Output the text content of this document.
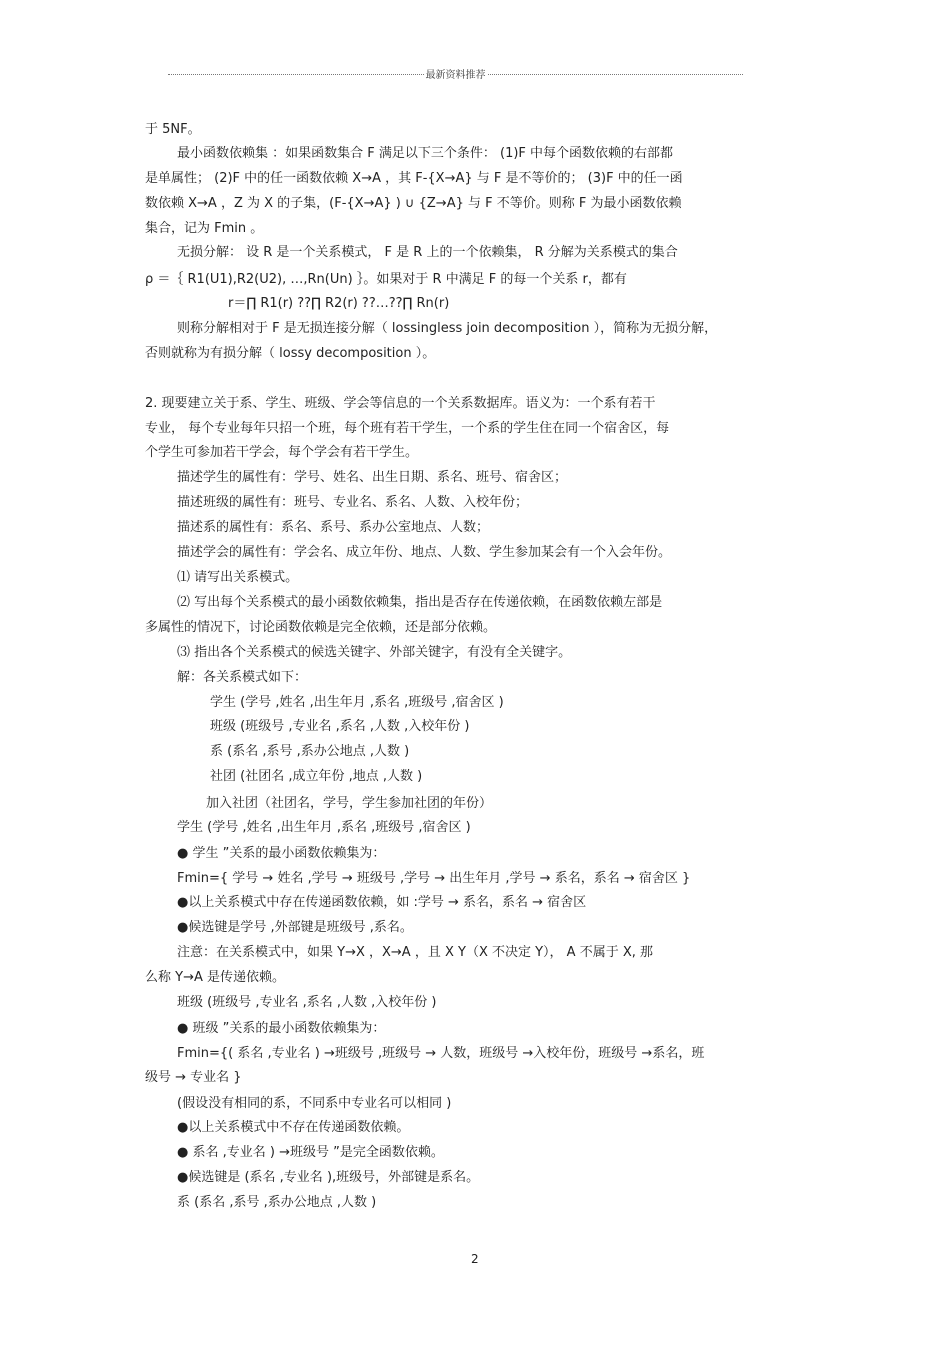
最新资料推荐
于 5NF。
最小函数依赖集 ：如果函数集合 F 满足以下三个条件： (1)F 中每个函数依赖的右部都
是单属性； (2)F 中的任一函数依赖 X→A ，其 F-{X→A} 与 F 是不等价的； (3)F 中的任一函
数依赖 X→A ，Z 为 X 的子集，(F-{X→A} ) ∪ {Z→A} 与 F 不等价。则称 F 为最小函数依赖
集合，记为 Fmin 。
无损分解： 设 R 是一个关系模式， F 是 R 上的一个依赖集， R 分解为关系模式的集合
ρ ＝｛ R1(U1),R2(U2), …,Rn(Un) ｝。如果对于 R 中满足 F 的每一个关系 r，都有
r＝∏ R1(r) ??∏ R2(r) ??…??∏ Rn(r)
则称分解相对于 F 是无损连接分解（ lossingless join decomposition ），简称为无损分解，
否则就称为有损分解（ lossy decomposition ）。
2. 现要建立关于系、学生、班级、学会等信息的一个关系数据库。语义为：一个系有若干
专业， 每个专业每年只招一个班，每个班有若干学生，一个系的学生住在同一个宿舍区，每
个学生可参加若干学会，每个学会有若干学生。
描述学生的属性有：学号、姓名、出生日期、系名、班号、宿舍区；
描述班级的属性有：班号、专业名、系名、人数、入校年份；
描述系的属性有：系名、系号、系办公室地点、人数；
描述学会的属性有：学会名、成立年份、地点、人数、学生参加某会有一个入会年份。
⑴ 请写出关系模式。
⑵ 写出每个关系模式的最小函数依赖集，指出是否存在传递依赖，在函数依赖左部是
多属性的情况下，讨论函数依赖是完全依赖，还是部分依赖。
⑶ 指出各个关系模式的候选关键字、外部关键字，有没有全关键字。
解：各关系模式如下：
学生 (学号 ,姓名 ,出生年月 ,系名 ,班级号 ,宿舍区 )
班级 (班级号 ,专业名 ,系名 ,人数 ,入校年份 )
系 (系名 ,系号 ,系办公地点 ,人数 )
社团 (社团名 ,成立年份 ,地点 ,人数 )
加入社团（社团名，学号，学生参加社团的年份）
学生 (学号 ,姓名 ,出生年月 ,系名 ,班级号 ,宿舍区 )
● 学生 ”关系的最小函数依赖集为：
Fmin={ 学号 → 姓名 ,学号 → 班级号 ,学号 → 出生年月 ,学号 → 系名，系名 → 宿舍区 }
●以上关系模式中存在传递函数依赖，如 :学号 → 系名，系名 → 宿舍区
●候选键是学号 ,外部键是班级号 ,系名。
注意：在关系模式中，如果 Y→X ，X→A ，且 X Y（X 不决定 Y）， A 不属于 X, 那
么称 Y→A 是传递依赖。
班级 (班级号 ,专业名 ,系名 ,人数 ,入校年份 )
● 班级 ”关系的最小函数依赖集为：
Fmin={( 系名 ,专业名 ) →班级号 ,班级号 → 人数，班级号 →入校年份，班级号 →系名，班
级号 → 专业名 }
(假设没有相同的系，不同系中专业名可以相同 )
●以上关系模式中不存在传递函数依赖。
● 系名 ,专业名 ) →班级号 ”是完全函数依赖。
●候选键是 (系名 ,专业名 ),班级号，外部键是系名。
系 (系名 ,系号 ,系办公地点 ,人数 )
2
